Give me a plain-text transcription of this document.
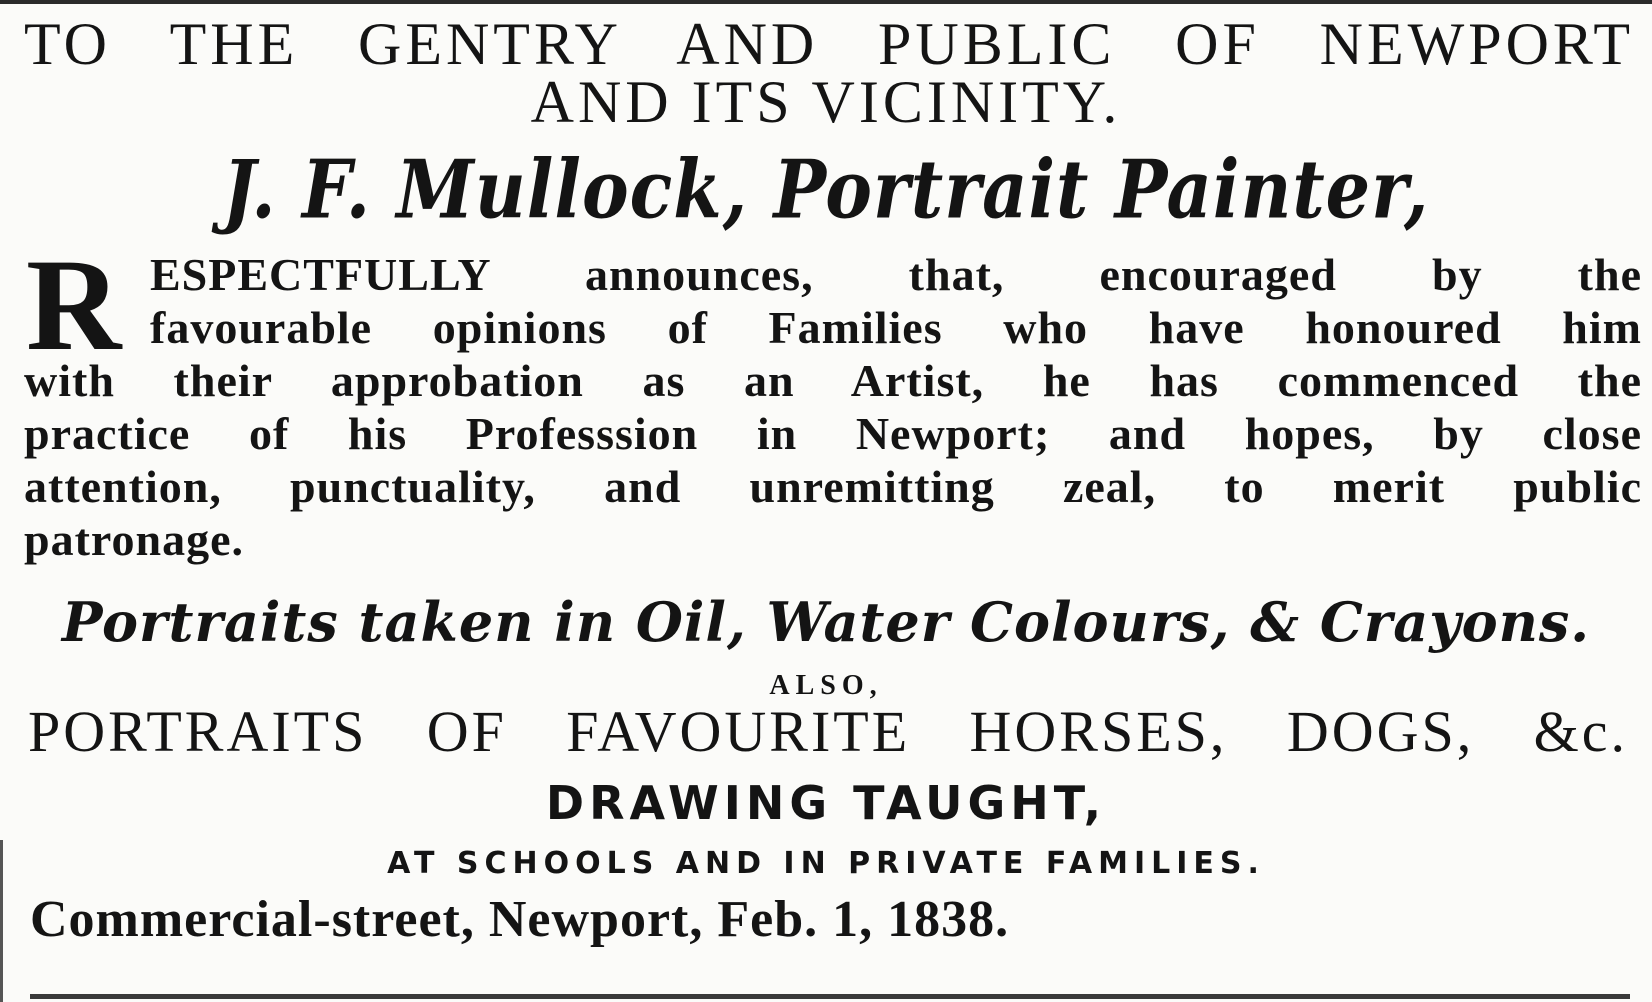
TO THE GENTRY AND PUBLIC OF NEWPORT
AND ITS VICINITY.
J. F. Mullock, Portrait Painter,
R ESPECTFULLY announces, that, encouraged by the
favourable opinions of Families who have honoured him
with their approbation as an Artist, he has commenced the
practice of his Professsion in Newport; and hopes, by close
attention, punctuality, and unremitting zeal, to merit public
patronage.
Portraits taken in Oil, Water Colours, & Crayons.
ALSO,
PORTRAITS OF FAVOURITE HORSES, DOGS, &c.
DRAWING TAUGHT,
AT SCHOOLS AND IN PRIVATE FAMILIES.
Commercial-street, Newport, Feb. 1, 1838.
